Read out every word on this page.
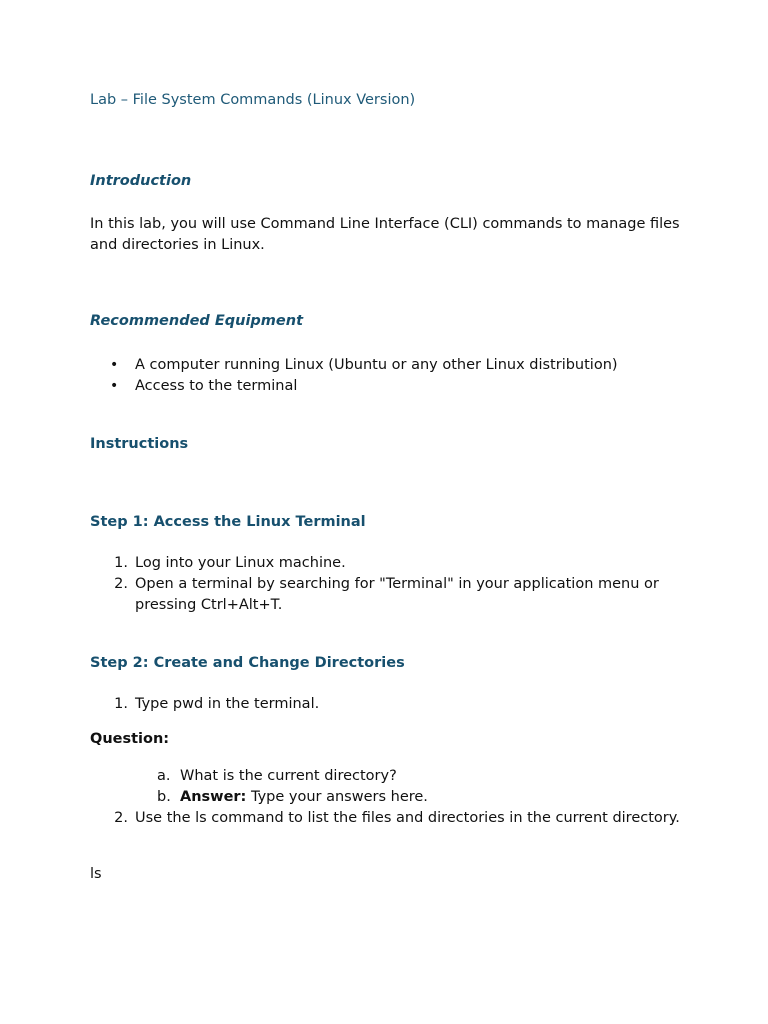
Lab – File System Commands (Linux Version)

Introduction

In this lab, you will use Command Line Interface (CLI) commands to manage files and directories in Linux.

Recommended Equipment

• A computer running Linux (Ubuntu or any other Linux distribution)
• Access to the terminal

Instructions

Step 1: Access the Linux Terminal

1. Log into your Linux machine.
2. Open a terminal by searching for "Terminal" in your application menu or pressing Ctrl+Alt+T.

Step 2: Create and Change Directories

1. Type pwd in the terminal.

Question:

a. What is the current directory?
b. Answer: Type your answers here.
2. Use the ls command to list the files and directories in the current directory.

ls
